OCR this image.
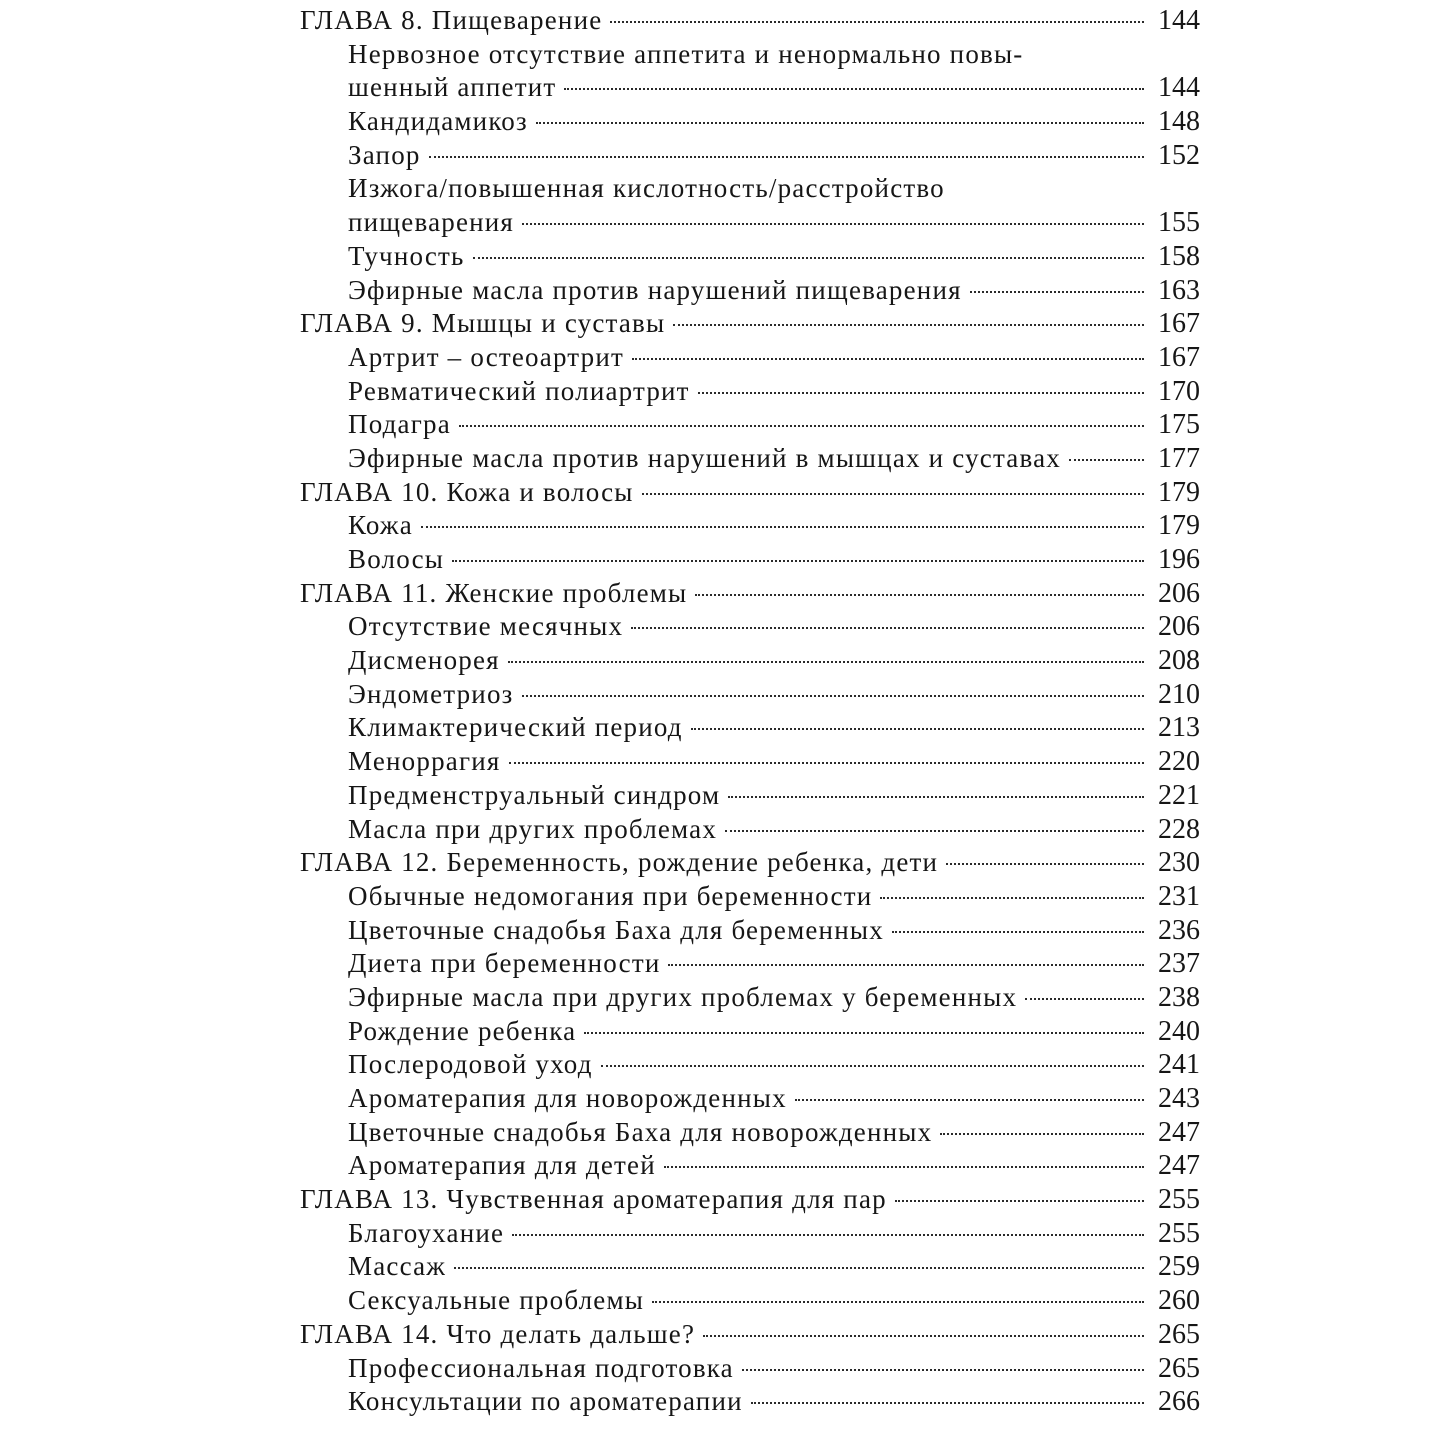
ГЛАВА 8. Пищеварение	144
Нервозное отсутствие аппетита и ненормально повы-
шенный аппетит	144
Кандидамикоз	148
Запор	152
Изжога/повышенная кислотность/расстройство
пищеварения	155
Тучность	158
Эфирные масла против нарушений пищеварения	163
ГЛАВА 9. Мышцы и суставы	167
Артрит – остеоартрит	167
Ревматический полиартрит	170
Подагра	175
Эфирные масла против нарушений в мышцах и суставах	177
ГЛАВА 10. Кожа и волосы	179
Кожа	179
Волосы	196
ГЛАВА 11. Женские проблемы	206
Отсутствие месячных	206
Дисменорея	208
Эндометриоз	210
Климактерический период	213
Меноррагия	220
Предменструальный синдром	221
Масла при других проблемах	228
ГЛАВА 12. Беременность, рождение ребенка, дети	230
Обычные недомогания при беременности	231
Цветочные снадобья Баха для беременных	236
Диета при беременности	237
Эфирные масла при других проблемах у беременных	238
Рождение ребенка	240
Послеродовой уход	241
Ароматерапия для новорожденных	243
Цветочные снадобья Баха для новорожденных	247
Ароматерапия для детей	247
ГЛАВА 13. Чувственная ароматерапия для пар	255
Благоухание	255
Массаж	259
Сексуальные проблемы	260
ГЛАВА 14. Что делать дальше?	265
Профессиональная подготовка	265
Консультации по ароматерапии	266
